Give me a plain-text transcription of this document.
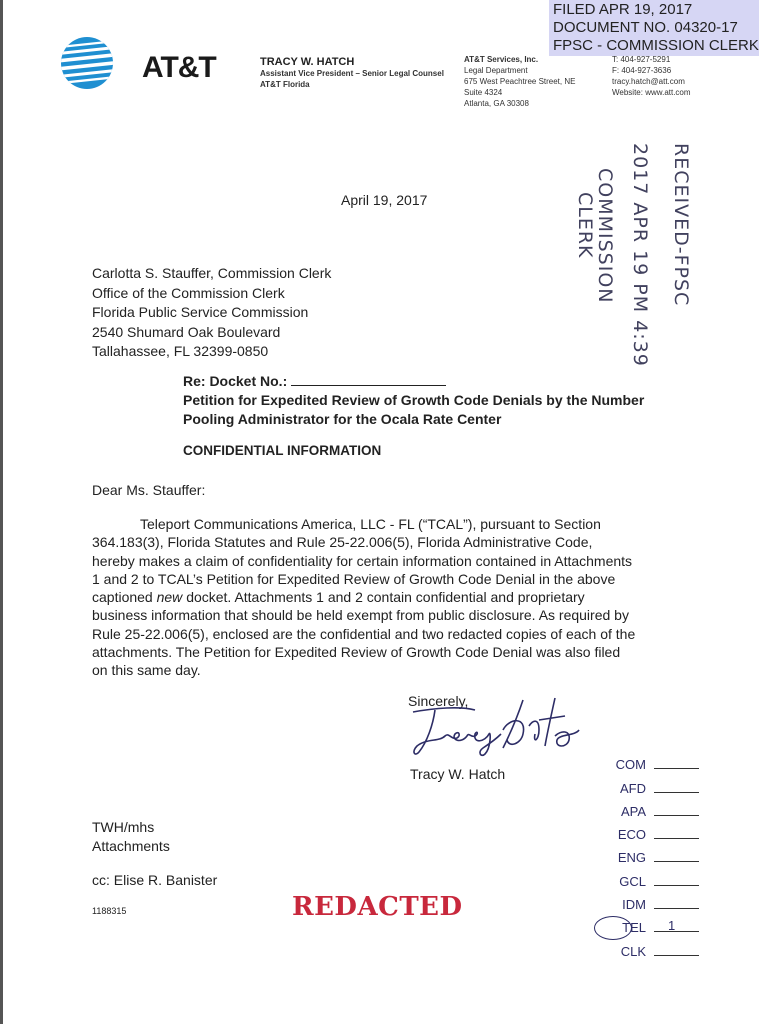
FILED APR 19, 2017
DOCUMENT NO. 04320-17
FPSC - COMMISSION CLERK
AT&T	TRACY W. HATCH
Assistant Vice President – Senior Legal Counsel
AT&T Florida
AT&T Services, Inc.
Legal Department
675 West Peachtree Street, NE
Suite 4324
Atlanta, GA 30308
T: 404-927-5291
F: 404-927-3636
tracy.hatch@att.com
Website: www.att.com
RECEIVED-FPSC
2017 APR 19 PM 4:39
COMMISSION
CLERK
April 19, 2017
Carlotta S. Stauffer, Commission Clerk
Office of the Commission Clerk
Florida Public Service Commission
2540 Shumard Oak Boulevard
Tallahassee, FL 32399-0850
Re: Docket No.:
Petition for Expedited Review of Growth Code Denials by the Number
Pooling Administrator for the Ocala Rate Center
CONFIDENTIAL INFORMATION
Dear Ms. Stauffer:
Teleport Communications America, LLC - FL (“TCAL”), pursuant to Section
364.183(3), Florida Statutes and Rule 25-22.006(5), Florida Administrative Code,
hereby makes a claim of confidentiality for certain information contained in Attachments
1 and 2 to TCAL’s Petition for Expedited Review of Growth Code Denial in the above
captioned new docket. Attachments 1 and 2 contain confidential and proprietary
business information that should be held exempt from public disclosure. As required by
Rule 25-22.006(5), enclosed are the confidential and two redacted copies of each of the
attachments. The Petition for Expedited Review of Growth Code Denial was also filed
on this same day.
Sincerely,
Tracy W. Hatch
TWH/mhs
Attachments
cc: Elise R. Banister
1188315	REDACTED
COM
AFD
APA
ECO
ENG
GCL
IDM
TEL 1
CLK
